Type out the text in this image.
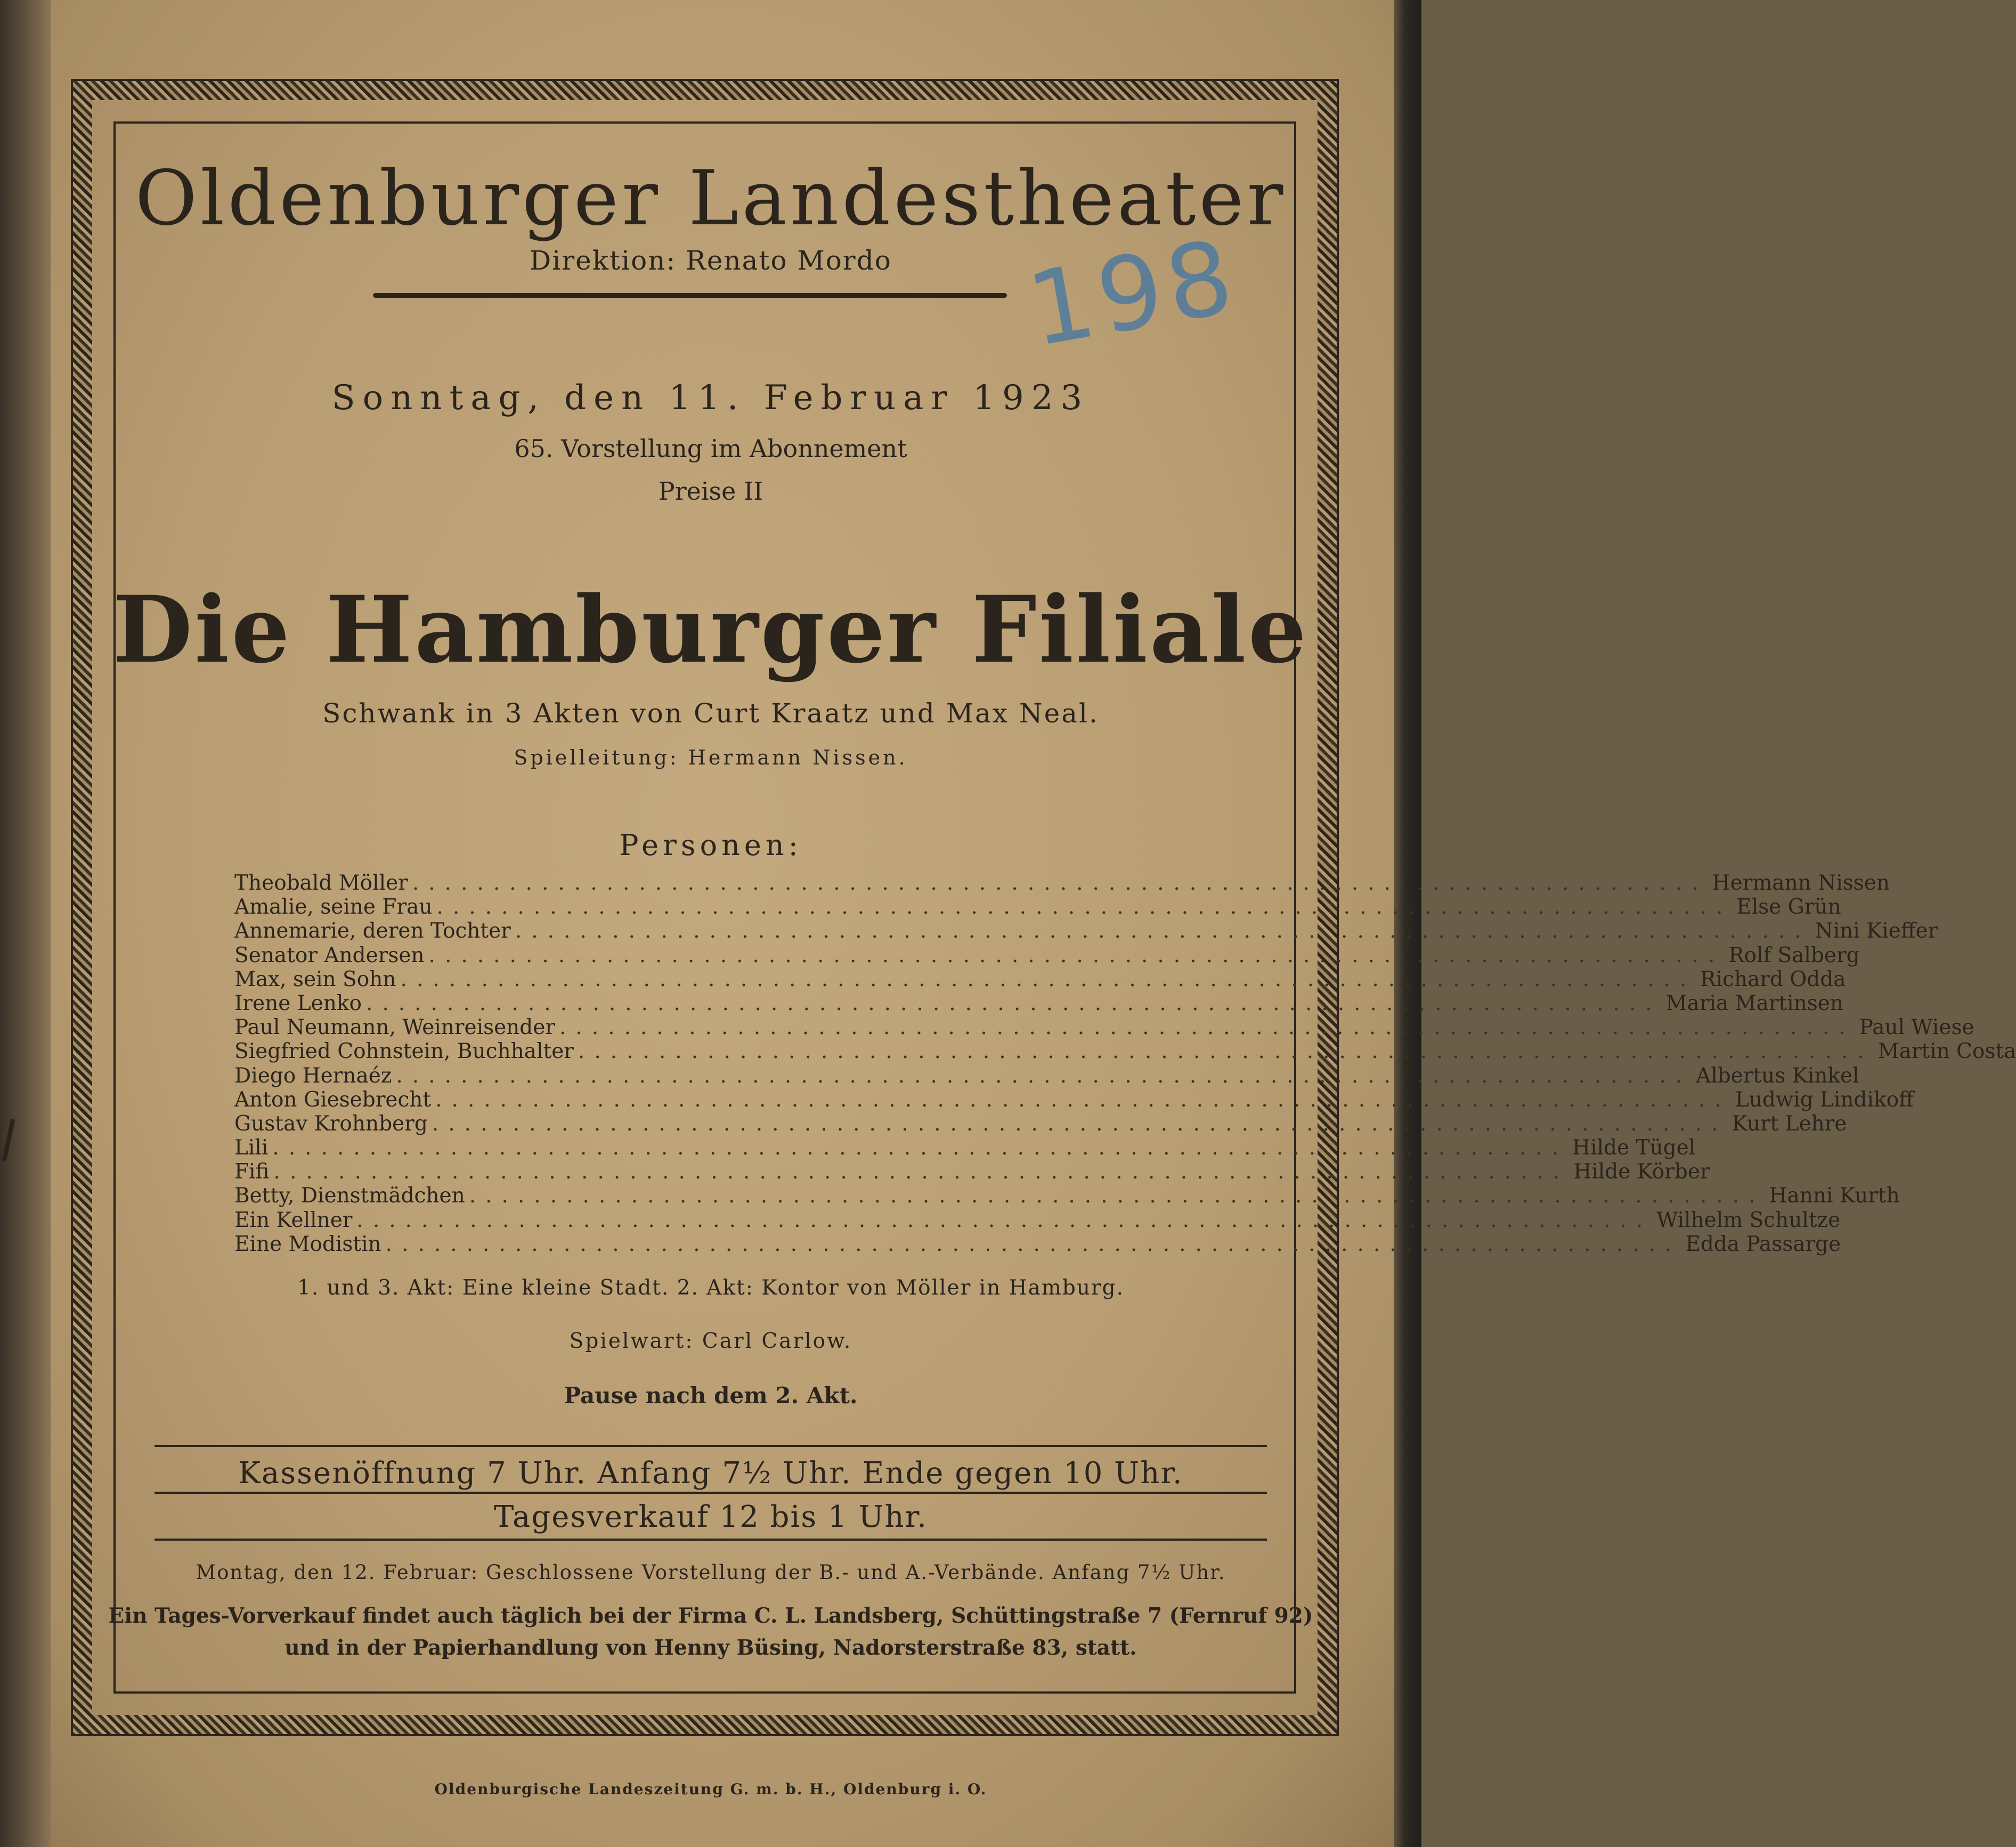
Oldenburger Landestheater

Direktion: Renato Mordo	198

Sonntag, den 11. Februar 1923

65. Vorstellung im Abonnement

Preise II

Die Hamburger Filiale

Schwank in 3 Akten von Curt Kraatz und Max Neal.

Spielleitung: Hermann Nissen.

Personen:

Theobald Möller ................................................................................ Hermann Nissen
Amalie, seine Frau ................................................................................ Else Grün
Annemarie, deren Tochter ................................................................................ Nini Kieffer
Senator Andersen ................................................................................ Rolf Salberg
Max, sein Sohn ................................................................................ Richard Odda
Irene Lenko ................................................................................ Maria Martinsen
Paul Neumann, Weinreisender ................................................................................ Paul Wiese
Siegfried Cohnstein, Buchhalter ................................................................................ Martin Costa
Diego Hernaéz ................................................................................ Albertus Kinkel
Anton Giesebrecht ................................................................................ Ludwig Lindikoff
Gustav Krohnberg ................................................................................ Kurt Lehre
Lili ................................................................................ Hilde Tügel
Fifi ................................................................................ Hilde Körber
Betty, Dienstmädchen ................................................................................ Hanni Kurth
Ein Kellner ................................................................................ Wilhelm Schultze
Eine Modistin ................................................................................ Edda Passarge

1. und 3. Akt: Eine kleine Stadt. 2. Akt: Kontor von Möller in Hamburg.

Spielwart: Carl Carlow.

Pause nach dem 2. Akt.

Kassenöffnung 7 Uhr. Anfang 7½ Uhr. Ende gegen 10 Uhr.

Tagesverkauf 12 bis 1 Uhr.

Montag, den 12. Februar: Geschlossene Vorstellung der B.- und A.-Verbände. Anfang 7½ Uhr.

Ein Tages-Vorverkauf findet auch täglich bei der Firma C. L. Landsberg, Schüttingstraße 7 (Fernruf 92)

und in der Papierhandlung von Henny Büsing, Nadorsterstraße 83, statt.

Oldenburgische Landeszeitung G. m. b. H., Oldenburg i. O.
